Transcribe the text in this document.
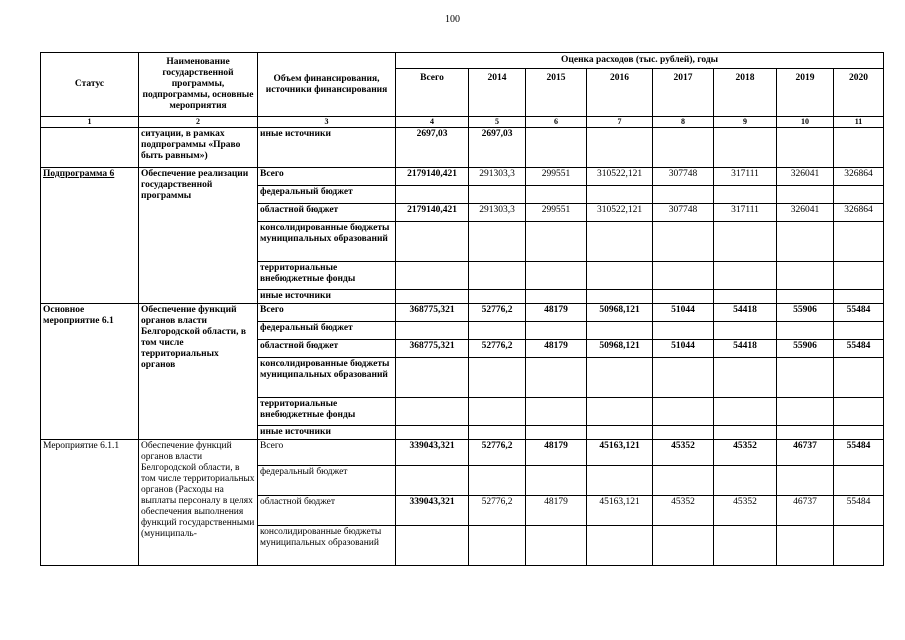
100
Статус	Наименование государственной программы, подпрограммы, основные мероприятия	Объем финансирования, источники финансирования	Оценка расходов (тыс. рублей), годы							
			Всего	2014	2015	2016	2017	2018	2019	2020
1	2	3	4	5	6	7	8	9	10	11
	ситуации, в рамках подпрограммы «Право быть равным»)	иные источники	2697,03	2697,03						
Подпрограмма 6	Обеспечение реализации государственной программы	Всего	2179140,421	291303,3	299551	310522,121	307748	317111	326041	326864
		федеральный бюджет								
		областной бюджет	2179140,421	291303,3	299551	310522,121	307748	317111	326041	326864
		консолидированные бюджеты муниципальных образований								
		территориальные внебюджетные фонды								
		иные источники								
Основное мероприятие 6.1	Обеспечение функций органов власти Белгородской области, в том числе территориальных органов	Всего	368775,321	52776,2	48179	50968,121	51044	54418	55906	55484
		федеральный бюджет								
		областной бюджет	368775,321	52776,2	48179	50968,121	51044	54418	55906	55484
		консолидированные бюджеты муниципальных образований								
		территориальные внебюджетные фонды								
		иные источники								
Мероприятие 6.1.1	Обеспечение функций органов власти Белгородской области, в том числе территориальных органов (Расходы на выплаты персоналу в целях обеспечения выполнения функций государственными (муниципаль-	Всего	339043,321	52776,2	48179	45163,121	45352	45352	46737	55484
		федеральный бюджет								
		областной бюджет	339043,321	52776,2	48179	45163,121	45352	45352	46737	55484
		консолидированные бюджеты муниципальных образований								
